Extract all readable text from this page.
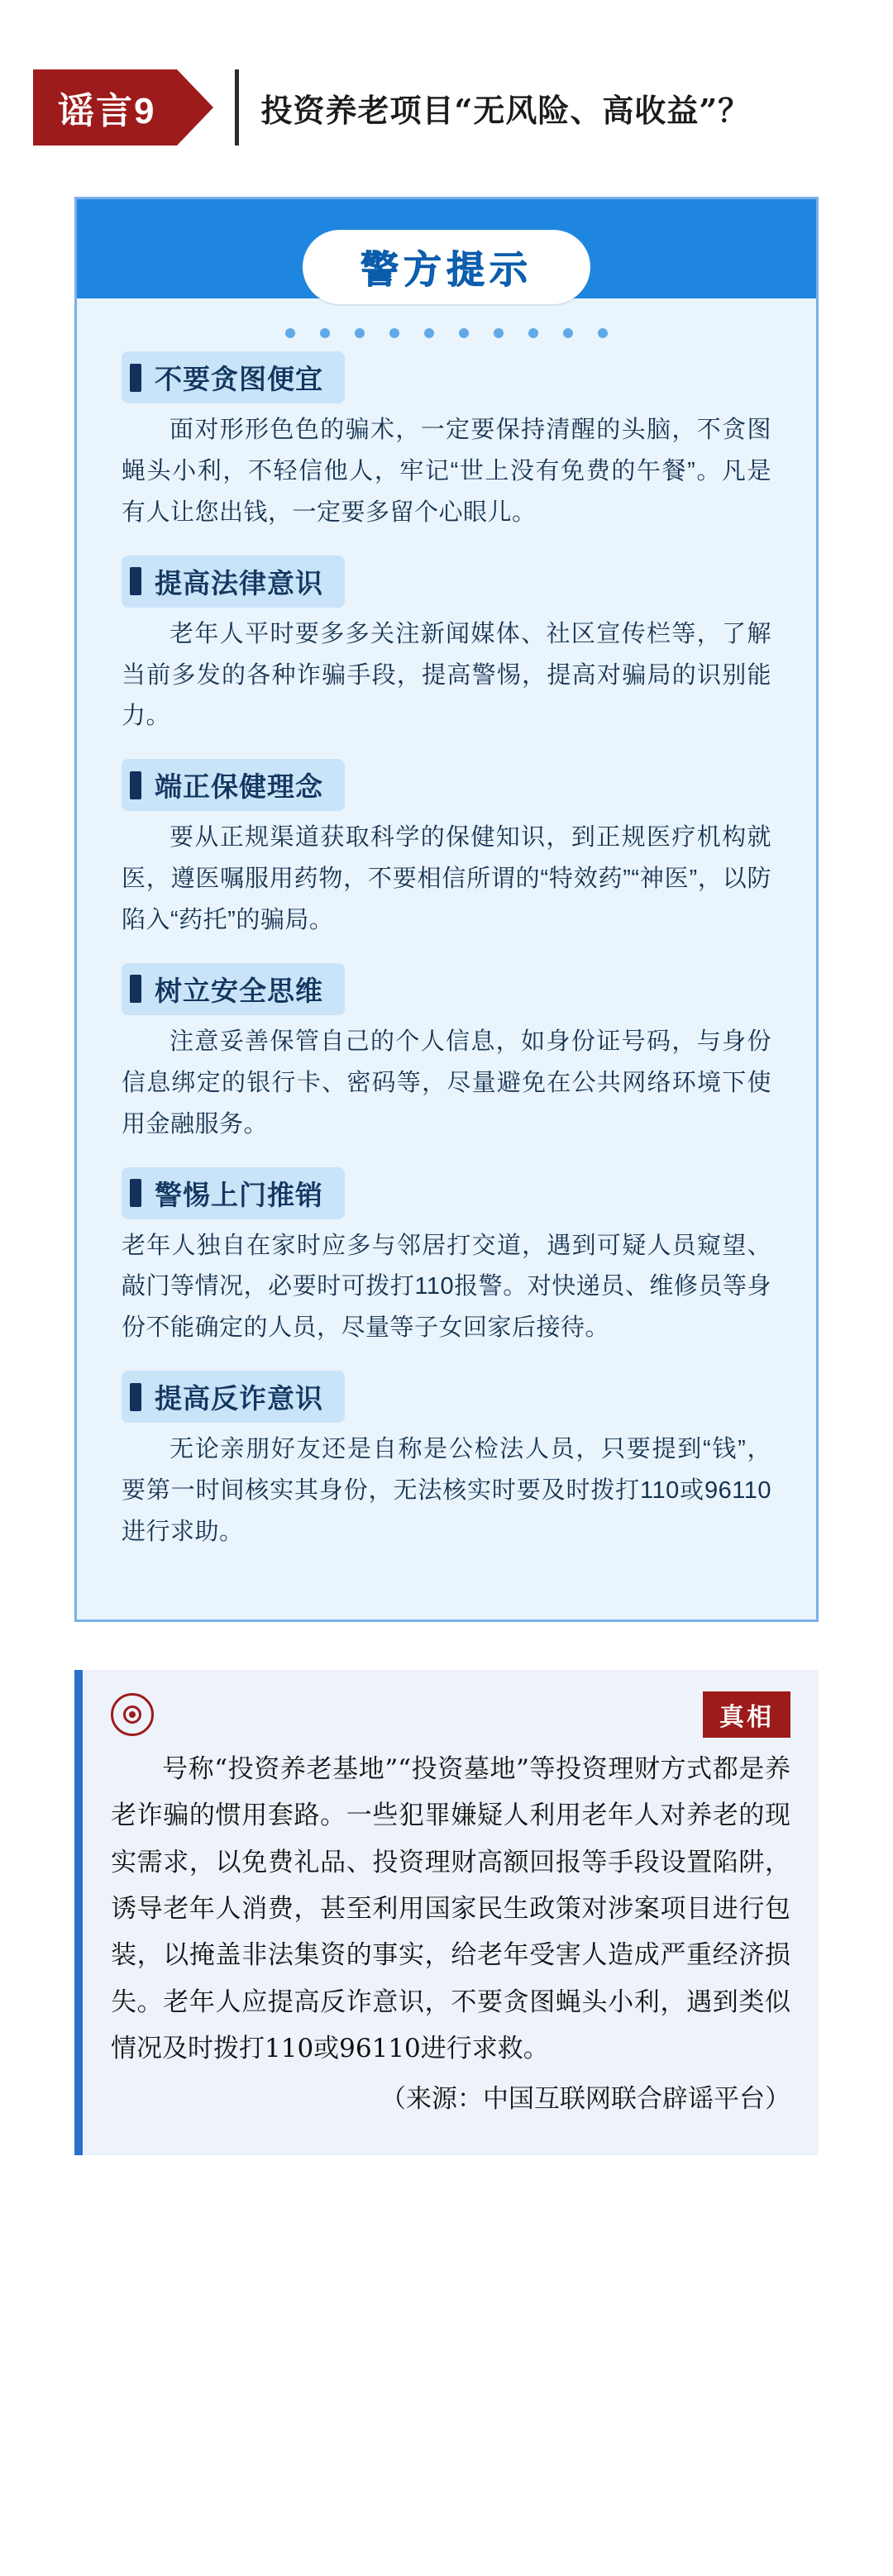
谣言9	投资养老项目“无风险、高收益”？
警方提示
不要贪图便宜
面对形形色色的骗术，一定要保持清醒的头脑，不贪图蝇头小利，不轻信他人，牢记“世上没有免费的午餐”。凡是有人让您出钱，一定要多留个心眼儿。
提高法律意识
老年人平时要多多关注新闻媒体、社区宣传栏等，了解当前多发的各种诈骗手段，提高警惕，提高对骗局的识别能力。
端正保健理念
要从正规渠道获取科学的保健知识，到正规医疗机构就医，遵医嘱服用药物，不要相信所谓的“特效药”“神医”，以防陷入“药托”的骗局。
树立安全思维
注意妥善保管自己的个人信息，如身份证号码，与身份信息绑定的银行卡、密码等，尽量避免在公共网络环境下使用金融服务。
警惕上门推销
老年人独自在家时应多与邻居打交道，遇到可疑人员窥望、敲门等情况，必要时可拨打110报警。对快递员、维修员等身份不能确定的人员，尽量等子女回家后接待。
提高反诈意识
无论亲朋好友还是自称是公检法人员，只要提到“钱”，要第一时间核实其身份，无法核实时要及时拨打110或96110进行求助。
真相
号称“投资养老基地”“投资墓地”等投资理财方式都是养老诈骗的惯用套路。一些犯罪嫌疑人利用老年人对养老的现实需求，以免费礼品、投资理财高额回报等手段设置陷阱，诱导老年人消费，甚至利用国家民生政策对涉案项目进行包装，以掩盖非法集资的事实，给老年受害人造成严重经济损失。老年人应提高反诈意识，不要贪图蝇头小利，遇到类似情况及时拨打110或96110进行求救。
（来源：中国互联网联合辟谣平台）
